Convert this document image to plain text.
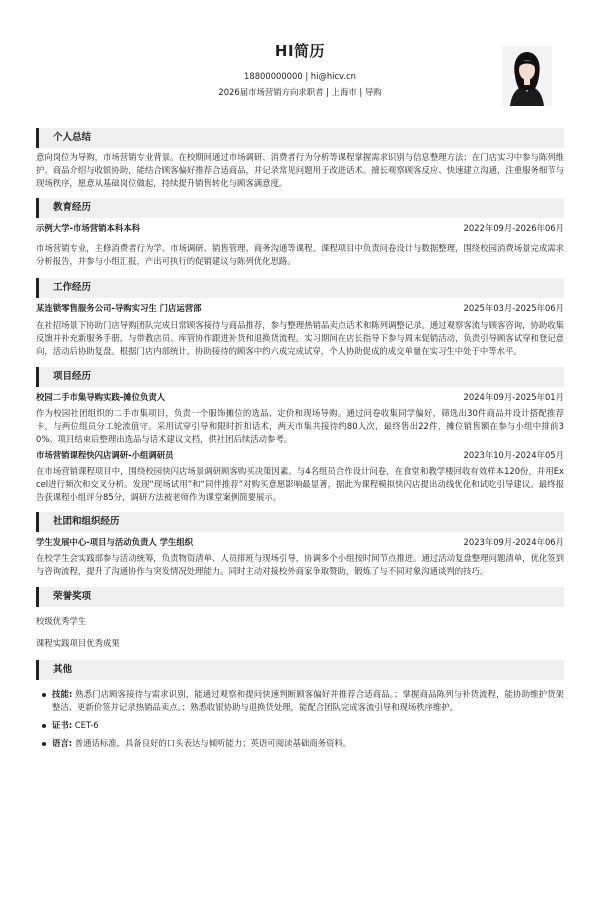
HI简历
18800000000 | hi@hicv.cn
2026届市场营销方向求职者 | 上海市 | 导购
个人总结
意向岗位为导购，市场营销专业背景。在校期间通过市场调研、消费者行为分析等课程掌握需求识别与信息整理方法；在门店实习中参与陈列维护、商品介绍与收银协助，能结合顾客偏好推荐合适商品，并记录常见问题用于改进话术。擅长观察顾客反应、快速建立沟通，注重服务细节与现场秩序，愿意从基础岗位做起，持续提升销售转化与顾客满意度。
教育经历
示例大学-市场营销本科本科	2022年09月-2026年06月
市场营销专业，主修消费者行为学、市场调研、销售管理、商务沟通等课程。课程项目中负责问卷设计与数据整理，围绕校园消费场景完成需求分析报告，并参与小组汇报，产出可执行的促销建议与陈列优化思路。
工作经历
某连锁零售服务公司-导购实习生 门店运营部	2025年03月-2025年06月
在社招场景下协助门店导购团队完成日常顾客接待与商品推荐，参与整理热销品卖点话术和陈列调整记录。通过观察客流与顾客咨询，协助收集反馈并补充新服务手册，与带教店员、库管协作跟进补货和退换货流程。实习期间在店长指导下参与周末促销活动，负责引导顾客试穿和登记意向，活动后协助复盘。根据门店内部统计，协助接待的顾客中约六成完成试穿，个人协助促成的成交单量在实习生中处于中等水平。
项目经历
校园二手市集导购实践-摊位负责人	2024年09月-2025年01月
作为校园社团组织的二手市集项目，负责一个服饰摊位的选品、定价和现场导购。通过问卷收集同学偏好，筛选出30件商品并设计搭配推荐卡，与两位组员分工轮流值守。采用试穿引导和限时折扣话术，两天市集共接待约80人次，最终售出22件，摊位销售额在参与小组中排前30%。项目结束后整理出选品与话术建议文档，供社团后续活动参考。
市场营销课程快闪店调研-小组调研员	2023年10月-2024年05月
在市场营销课程项目中，围绕校园快闪店场景调研顾客购买决策因素。与4名组员合作设计问卷，在食堂和教学楼回收有效样本120份，并用Excel进行频次和交叉分析。发现“现场试用”和“同伴推荐”对购买意愿影响最显著，据此为课程模拟快闪店提出动线优化和试吃引导建议。最终报告获课程小组评分85分，调研方法被老师作为课堂案例简要展示。
社团和组织经历
学生发展中心-项目与活动负责人 学生组织	2023年09月-2024年06月
在校学生会实践部参与活动统筹，负责物资清单、人员排班与现场引导，协调多个小组按时间节点推进。通过活动复盘整理问题清单，优化签到与咨询流程，提升了沟通协作与突发情况处理能力。同时主动对接校外商家争取赞助，锻炼了与不同对象沟通谈判的技巧。
荣誉奖项
校级优秀学生
课程实践项目优秀成果
其他
技能: 熟悉门店顾客接待与需求识别，能通过观察和提问快速判断顾客偏好并推荐合适商品。；掌握商品陈列与补货流程，能协助维护货架整洁、更新价签并记录热销品卖点。；熟悉收银协助与退换货处理，能配合团队完成客流引导和现场秩序维护。
证书: CET-6
语言: 普通话标准，具备良好的口头表达与倾听能力；英语可阅读基础商务资料。
